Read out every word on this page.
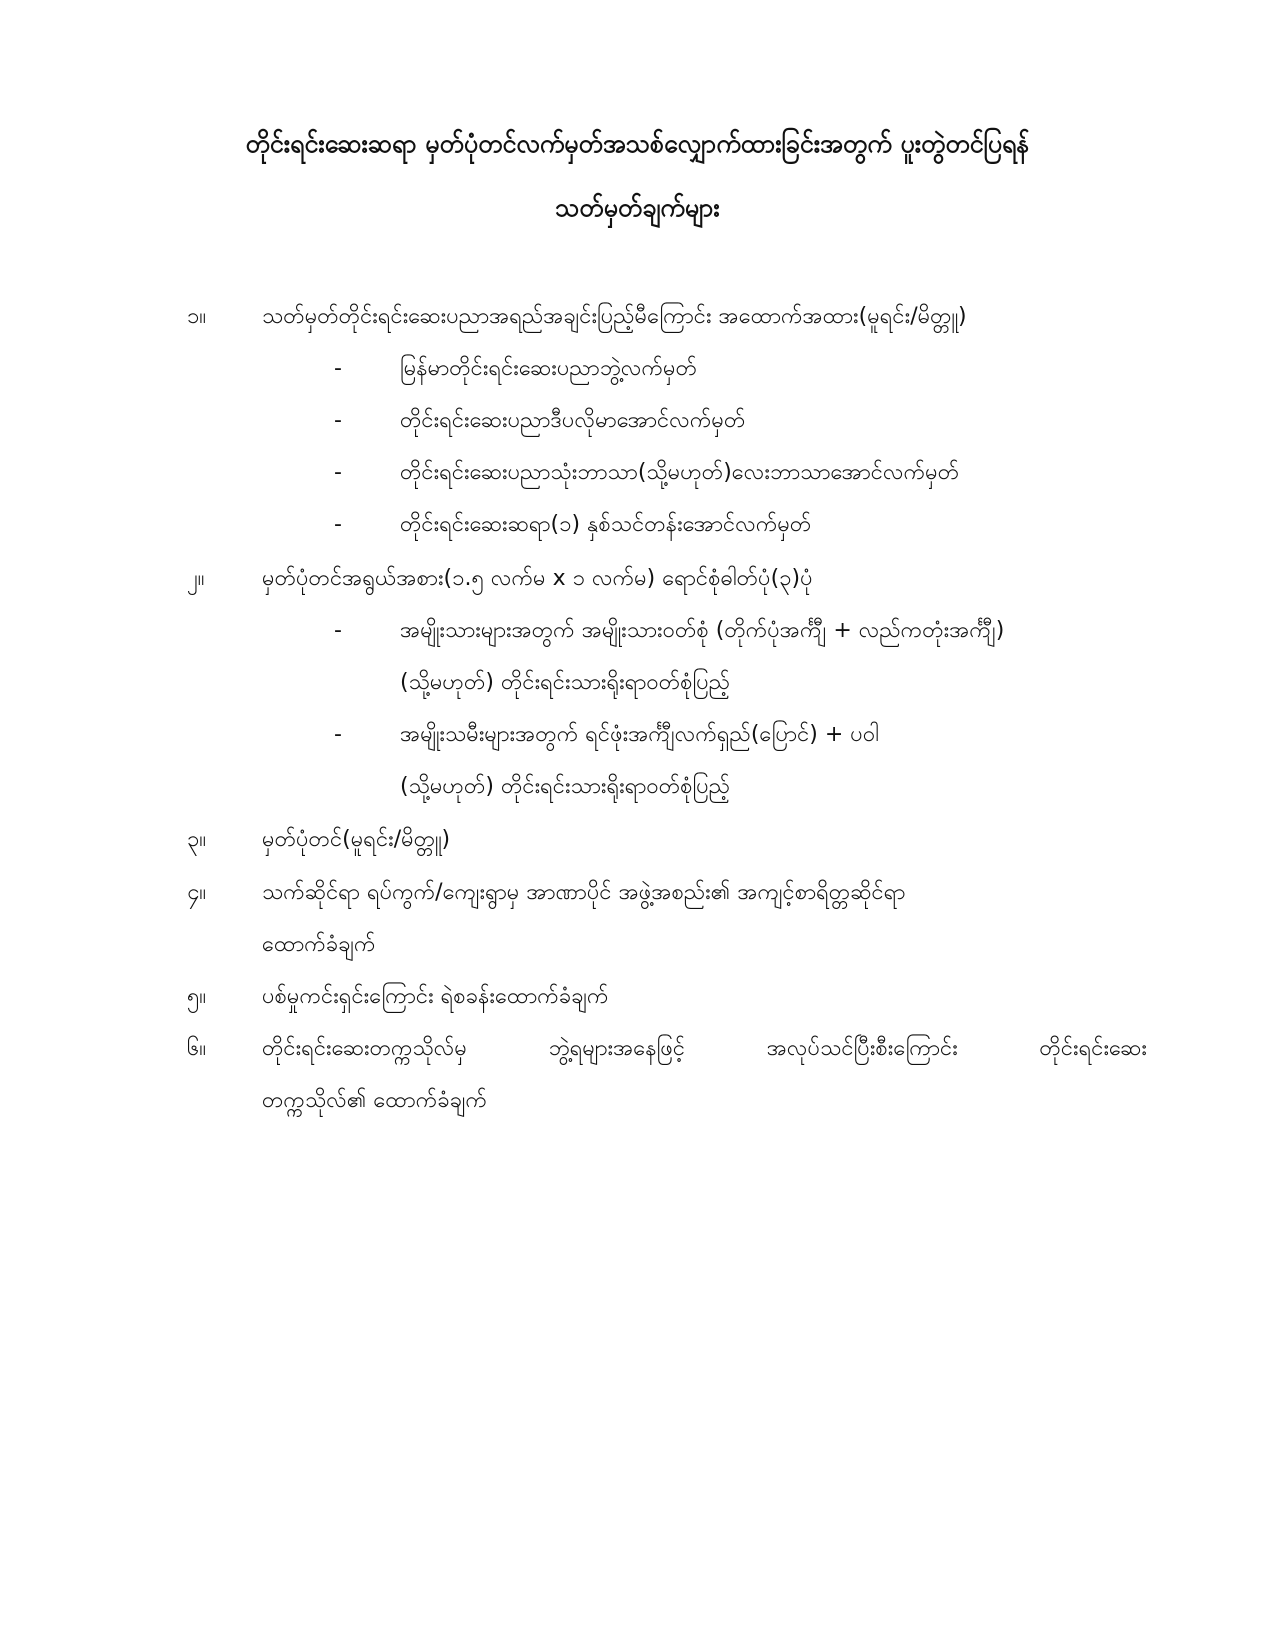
တိုင်းရင်းဆေးဆရာ မှတ်ပုံတင်လက်မှတ်အသစ်လျှောက်ထားခြင်းအတွက် ပူးတွဲတင်ပြရန်
သတ်မှတ်ချက်များ
၁။	သတ်မှတ်တိုင်းရင်းဆေးပညာအရည်အချင်းပြည့်မီကြောင်း အထောက်အထား(မူရင်း/မိတ္တူ)
-	မြန်မာတိုင်းရင်းဆေးပညာဘွဲ့လက်မှတ်
-	တိုင်းရင်းဆေးပညာဒီပလိုမာအောင်လက်မှတ်
-	တိုင်းရင်းဆေးပညာသုံးဘာသာ(သို့မဟုတ်)လေးဘာသာအောင်လက်မှတ်
-	တိုင်းရင်းဆေးဆရာ(၁) နှစ်သင်တန်းအောင်လက်မှတ်
၂။	မှတ်ပုံတင်အရွယ်အစား(၁.၅ လက်မ x ၁ လက်မ) ရောင်စုံဓါတ်ပုံ(၃)ပုံ
-	အမျိုးသားများအတွက် အမျိုးသားဝတ်စုံ (တိုက်ပုံအင်္ကျီ + လည်ကတုံးအင်္ကျီ)
(သို့မဟုတ်) တိုင်းရင်းသားရိုးရာဝတ်စုံပြည့်
-	အမျိုးသမီးများအတွက် ရင်ဖုံးအင်္ကျီလက်ရှည်(ပြောင်) + ပဝါ
(သို့မဟုတ်) တိုင်းရင်းသားရိုးရာဝတ်စုံပြည့်
၃။	မှတ်ပုံတင်(မူရင်း/မိတ္တူ)
၄။	သက်ဆိုင်ရာ ရပ်ကွက်/ကျေးရွာမှ အာဏာပိုင် အဖွဲ့အစည်း၏ အကျင့်စာရိတ္တဆိုင်ရာ
ထောက်ခံချက်
၅။	ပစ်မှုကင်းရှင်းကြောင်း ရဲစခန်းထောက်ခံချက်
၆။	တိုင်းရင်းဆေးတက္ကသိုလ်မှ	ဘွဲ့ရများအနေဖြင့်	အလုပ်သင်ပြီးစီးကြောင်း	တိုင်းရင်းဆေး
တက္ကသိုလ်၏ ထောက်ခံချက်
